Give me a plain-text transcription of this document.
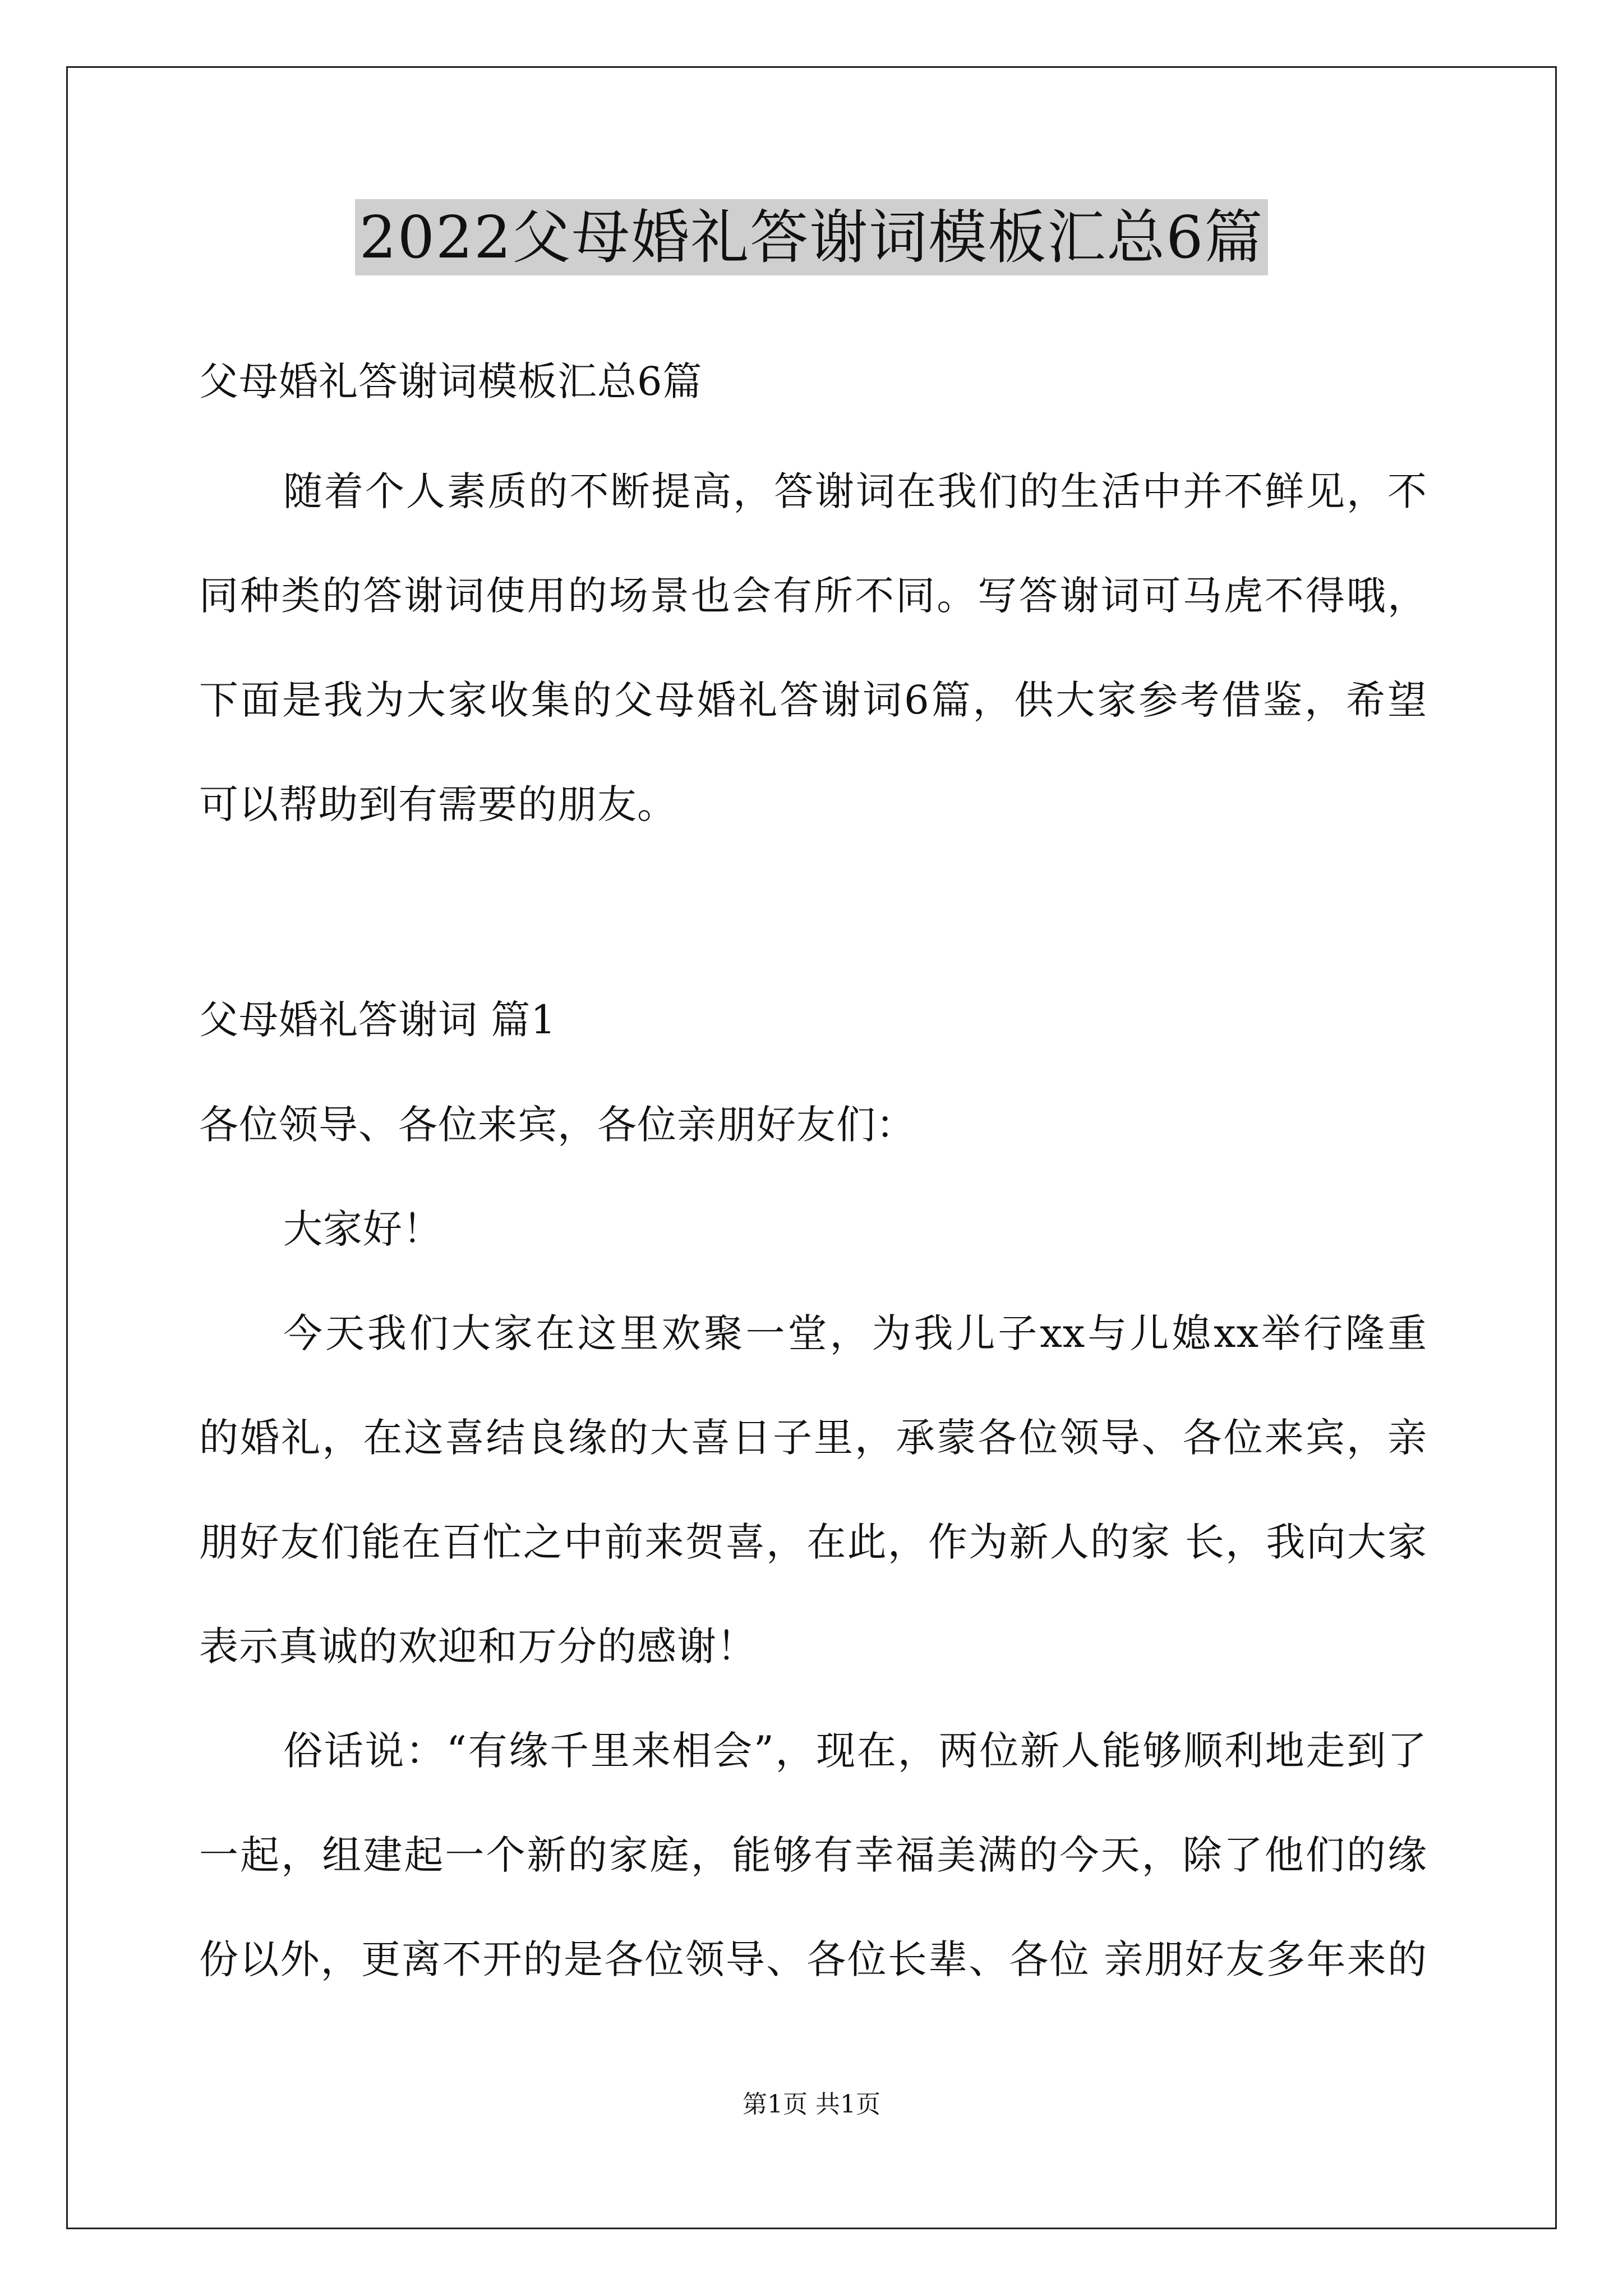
2022父母婚礼答谢词模板汇总6篇
父母婚礼答谢词模板汇总6篇
随着个人素质的不断提高，答谢词在我们的生活中并不鲜见，不
同种类的答谢词使用的场景也会有所不同。写答谢词可马虎不得哦，
下面是我为大家收集的父母婚礼答谢词6篇，供大家参考借鉴，希望
可以帮助到有需要的朋友。
父母婚礼答谢词 篇1
各位领导、各位来宾，各位亲朋好友们：
大家好！
今天我们大家在这里欢聚一堂，为我儿子xx与儿媳xx举行隆重
的婚礼，在这喜结良缘的大喜日子里，承蒙各位领导、各位来宾，亲
朋好友们能在百忙之中前来贺喜，在此，作为新人的家 长，我向大家
表示真诚的欢迎和万分的感谢！
俗话说：“有缘千里来相会”，现在，两位新人能够顺利地走到了
一起，组建起一个新的家庭，能够有幸福美满的今天，除了他们的缘
份以外，更离不开的是各位领导、各位长辈、各位 亲朋好友多年来的
第1页 共1页
